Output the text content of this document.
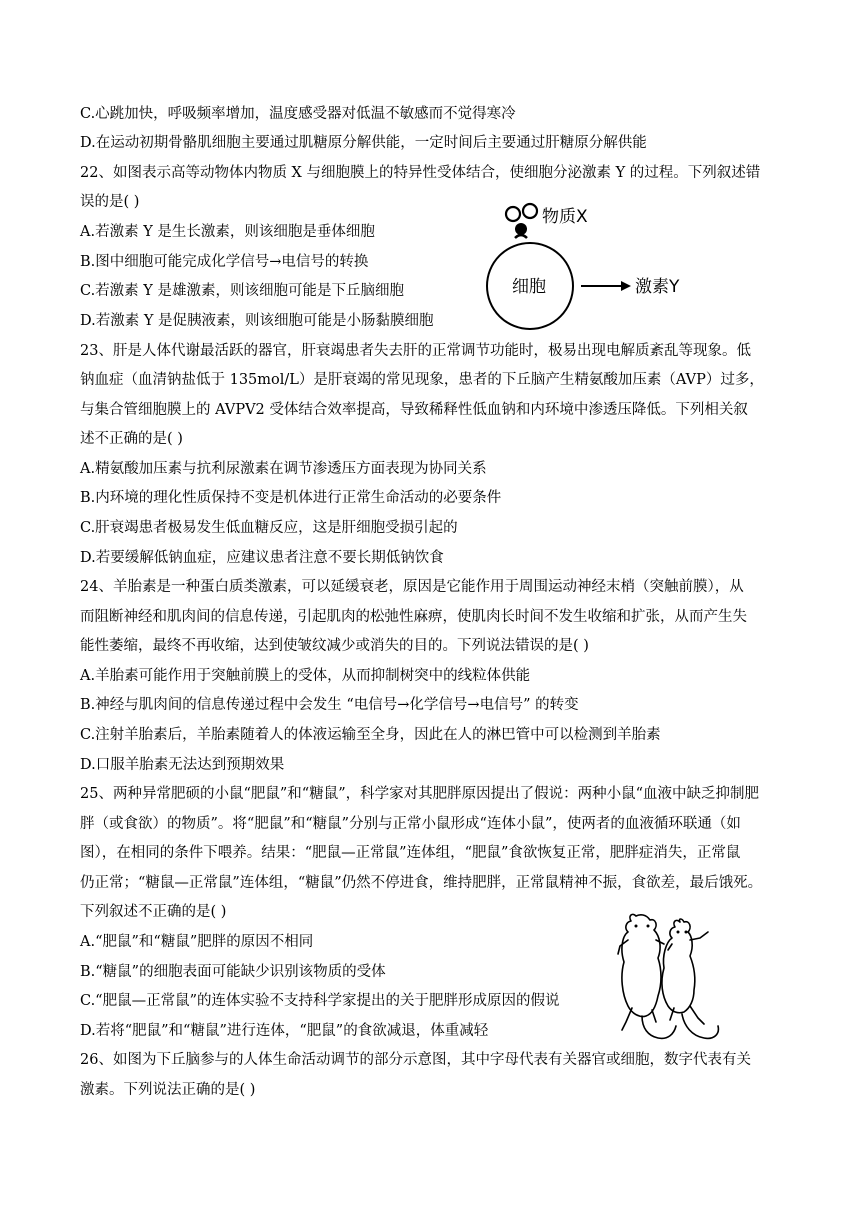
C.心跳加快，呼吸频率增加，温度感受器对低温不敏感而不觉得寒冷
D.在运动初期骨骼肌细胞主要通过肌糖原分解供能，一定时间后主要通过肝糖原分解供能
22、如图表示高等动物体内物质 X 与细胞膜上的特异性受体结合，使细胞分泌激素 Y 的过程。下列叙述错
误的是( )
A.若激素 Y 是生长激素，则该细胞是垂体细胞
B.图中细胞可能完成化学信号→电信号的转换
C.若激素 Y 是雄激素，则该细胞可能是下丘脑细胞
D.若激素 Y 是促胰液素，则该细胞可能是小肠黏膜细胞
细胞
物质X
激素Y
23、肝是人体代谢最活跃的器官，肝衰竭患者失去肝的正常调节功能时，极易出现电解质紊乱等现象。低
钠血症（血清钠盐低于 135mol/L）是肝衰竭的常见现象，患者的下丘脑产生精氨酸加压素（AVP）过多，
与集合管细胞膜上的 AVPV2 受体结合效率提高，导致稀释性低血钠和内环境中渗透压降低。下列相关叙
述不正确的是( )
A.精氨酸加压素与抗利尿激素在调节渗透压方面表现为协同关系
B.内环境的理化性质保持不变是机体进行正常生命活动的必要条件
C.肝衰竭患者极易发生低血糖反应，这是肝细胞受损引起的
D.若要缓解低钠血症，应建议患者注意不要长期低钠饮食
24、羊胎素是一种蛋白质类激素，可以延缓衰老，原因是它能作用于周围运动神经末梢（突触前膜），从
而阻断神经和肌肉间的信息传递，引起肌肉的松弛性麻痹，使肌肉长时间不发生收缩和扩张，从而产生失
能性萎缩，最终不再收缩，达到使皱纹减少或消失的目的。下列说法错误的是( )
A.羊胎素可能作用于突触前膜上的受体，从而抑制树突中的线粒体供能
B.神经与肌肉间的信息传递过程中会发生 “电信号→化学信号→电信号” 的转变
C.注射羊胎素后，羊胎素随着人的体液运输至全身，因此在人的淋巴管中可以检测到羊胎素
D.口服羊胎素无法达到预期效果
25、两种异常肥硕的小鼠“肥鼠”和“糖鼠”，科学家对其肥胖原因提出了假说：两种小鼠“血液中缺乏抑制肥
胖（或食欲）的物质”。将“肥鼠”和“糖鼠”分别与正常小鼠形成“连体小鼠”，使两者的血液循环联通（如
图），在相同的条件下喂养。结果：“肥鼠—正常鼠”连体组，“肥鼠”食欲恢复正常，肥胖症消失，正常鼠
仍正常；“糖鼠—正常鼠”连体组，“糖鼠”仍然不停进食，维持肥胖，正常鼠精神不振，食欲差，最后饿死。
下列叙述不正确的是( )
A.“肥鼠”和“糖鼠”肥胖的原因不相同
B.“糖鼠”的细胞表面可能缺少识别该物质的受体
C.“肥鼠—正常鼠”的连体实验不支持科学家提出的关于肥胖形成原因的假说
D.若将“肥鼠”和“糖鼠”进行连体，“肥鼠”的食欲减退，体重减轻
26、如图为下丘脑参与的人体生命活动调节的部分示意图，其中字母代表有关器官或细胞，数字代表有关
激素。下列说法正确的是( )
